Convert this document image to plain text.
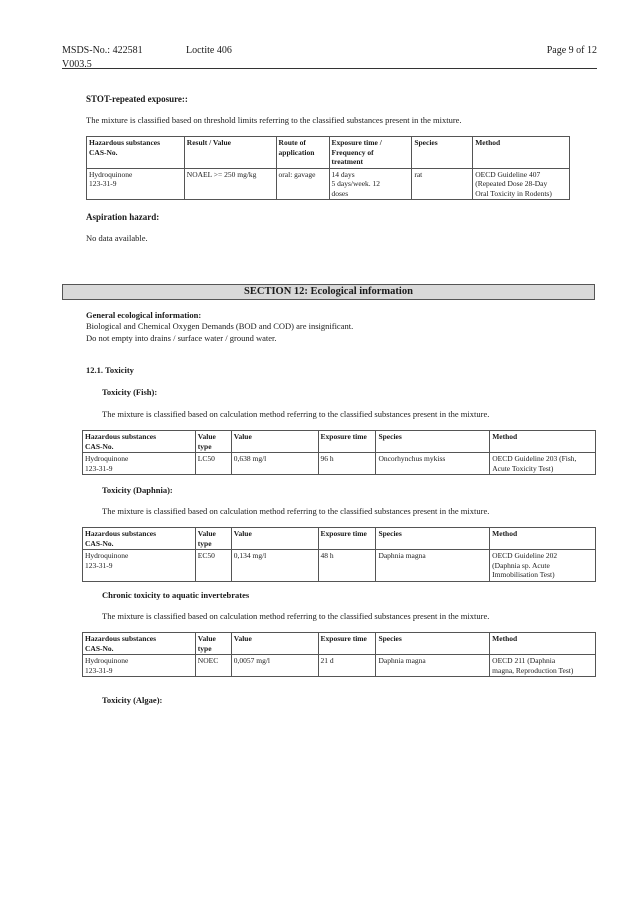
MSDS-No.: 422581
V003.5
Loctite 406	Page 9 of 12
STOT-repeated exposure::
The mixture is classified based on threshold limits referring to the classified substances present in the mixture.
Hazardous substances
CAS-No.	Result / Value	Route of
application	Exposure time /
Frequency of
treatment	Species	Method
Hydroquinone
123-31-9	NOAEL >= 250 mg/kg	oral: gavage	14 days
5 days/week. 12
doses	rat	OECD Guideline 407
(Repeated Dose 28-Day
Oral Toxicity in Rodents)
Aspiration hazard:
No data available.
SECTION 12: Ecological information
General ecological information:
Biological and Chemical Oxygen Demands (BOD and COD) are insignificant.
Do not empty into drains / surface water / ground water.
12.1. Toxicity
Toxicity (Fish):
The mixture is classified based on calculation method referring to the classified substances present in the mixture.
Hazardous substances
CAS-No.	Value
type	Value	Exposure time	Species	Method
Hydroquinone
123-31-9	LC50	0,638 mg/l	96 h	Oncorhynchus mykiss	OECD Guideline 203 (Fish,
Acute Toxicity Test)
Toxicity (Daphnia):
The mixture is classified based on calculation method referring to the classified substances present in the mixture.
Hazardous substances
CAS-No.	Value
type	Value	Exposure time	Species	Method
Hydroquinone
123-31-9	EC50	0,134 mg/l	48 h	Daphnia magna	OECD Guideline 202
(Daphnia sp. Acute
Immobilisation Test)
Chronic toxicity to aquatic invertebrates
The mixture is classified based on calculation method referring to the classified substances present in the mixture.
Hazardous substances
CAS-No.	Value
type	Value	Exposure time	Species	Method
Hydroquinone
123-31-9	NOEC	0,0057 mg/l	21 d	Daphnia magna	OECD 211 (Daphnia
magna, Reproduction Test)
Toxicity (Algae):
